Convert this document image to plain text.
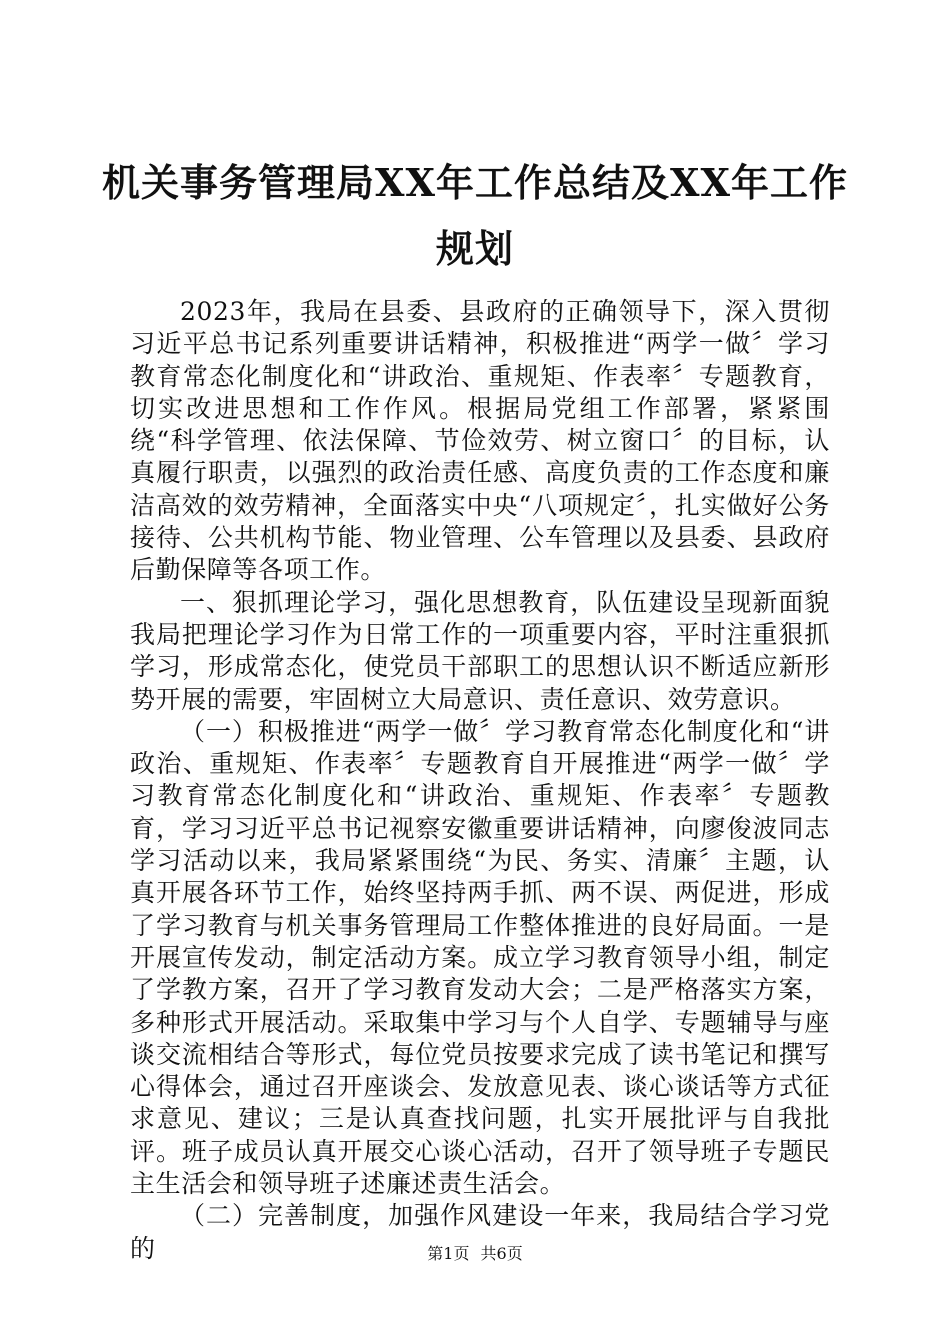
机关事务管理局XX年工作总结及XX年工作规划

2023年，我局在县委、县政府的正确领导下，深入贯彻习近平总书记系列重要讲话精神，积极推进“两学一做〞学习教育常态化制度化和“讲政治、重规矩、作表率〞专题教育，切实改进思想和工作作风。根据局党组工作部署，紧紧围绕“科学管理、依法保障、节俭效劳、树立窗口〞的目标，认真履行职责，以强烈的政治责任感、高度负责的工作态度和廉洁高效的效劳精神，全面落实中央“八项规定〞，扎实做好公务接待、公共机构节能、物业管理、公车管理以及县委、县政府后勤保障等各项工作。

一、狠抓理论学习，强化思想教育，队伍建设呈现新面貌我局把理论学习作为日常工作的一项重要内容，平时注重狠抓学习，形成常态化，使党员干部职工的思想认识不断适应新形势开展的需要，牢固树立大局意识、责任意识、效劳意识。

（一）积极推进“两学一做〞学习教育常态化制度化和“讲政治、重规矩、作表率〞专题教育自开展推进“两学一做〞学习教育常态化制度化和“讲政治、重规矩、作表率〞专题教育，学习习近平总书记视察安徽重要讲话精神，向廖俊波同志学习活动以来，我局紧紧围绕“为民、务实、清廉〞主题，认真开展各环节工作，始终坚持两手抓、两不误、两促进，形成了学习教育与机关事务管理局工作整体推进的良好局面。一是开展宣传发动，制定活动方案。成立学习教育领导小组，制定了学教方案，召开了学习教育发动大会；二是严格落实方案，多种形式开展活动。采取集中学习与个人自学、专题辅导与座谈交流相结合等形式，每位党员按要求完成了读书笔记和撰写心得体会，通过召开座谈会、发放意见表、谈心谈话等方式征求意见、建议；三是认真查找问题，扎实开展批评与自我批评。班子成员认真开展交心谈心活动，召开了领导班子专题民主生活会和领导班子述廉述责生活会。

（二）完善制度，加强作风建设一年来，我局结合学习党的	第1页 共6页
